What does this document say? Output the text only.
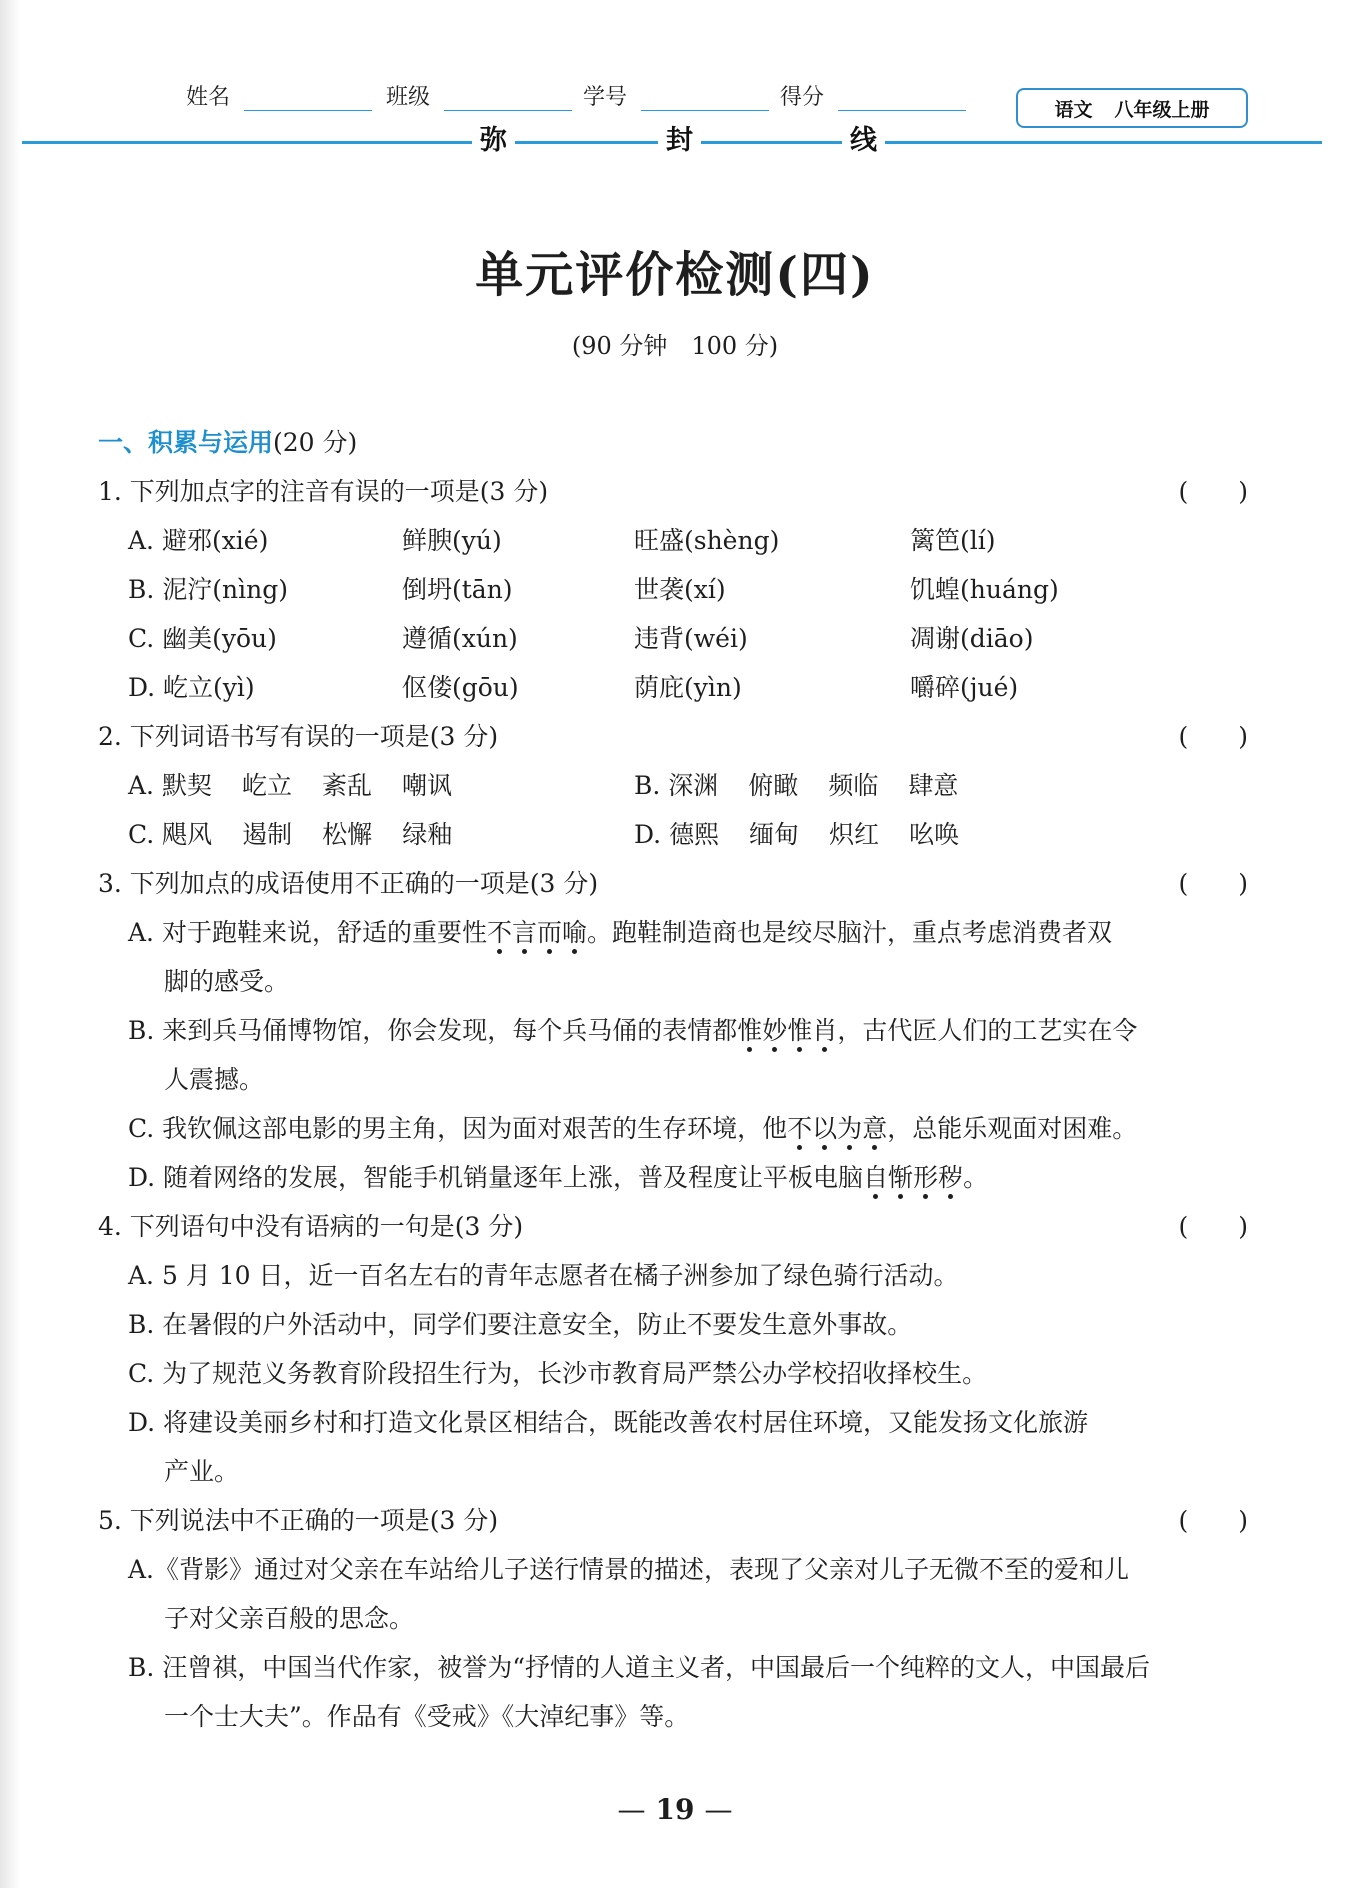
姓名	班级	学号	得分	语文 八年级上册
弥	封	线
单元评价检测(四)
(90 分钟　100 分)
一、积累与运用(20 分)
1. 下列加点字的注音有误的一项是(3 分)	(　　)
A. 避邪(xié)	鲜腴(yú)	旺盛(shèng)	篱笆(lí)
B. 泥泞(nìng)	倒坍(tān)	世袭(xí)	饥蝗(huáng)
C. 幽美(yōu)	遵循(xún)	违背(wéi)	凋谢(diāo)
D. 屹立(yì)	伛偻(gōu)	荫庇(yìn)	嚼碎(jué)
2. 下列词语书写有误的一项是(3 分)	(　　)
A. 默契 屹立 紊乱 嘲讽	B. 深渊 俯瞰 频临 肆意
C. 飓风 遏制 松懈 绿釉	D. 德熙 缅甸 炽红 吆唤
3. 下列加点的成语使用不正确的一项是(3 分)	(　　)
A. 对于跑鞋来说，舒适的重要性不言而喻。跑鞋制造商也是绞尽脑汁，重点考虑消费者双
脚的感受。
B. 来到兵马俑博物馆，你会发现，每个兵马俑的表情都惟妙惟肖，古代匠人们的工艺实在令
人震撼。
C. 我钦佩这部电影的男主角，因为面对艰苦的生存环境，他不以为意，总能乐观面对困难。
D. 随着网络的发展，智能手机销量逐年上涨，普及程度让平板电脑自惭形秽。
4. 下列语句中没有语病的一句是(3 分)	(　　)
A. 5 月 10 日，近一百名左右的青年志愿者在橘子洲参加了绿色骑行活动。
B. 在暑假的户外活动中，同学们要注意安全，防止不要发生意外事故。
C. 为了规范义务教育阶段招生行为，长沙市教育局严禁公办学校招收择校生。
D. 将建设美丽乡村和打造文化景区相结合，既能改善农村居住环境，又能发扬文化旅游
产业。
5. 下列说法中不正确的一项是(3 分)	(　　)
A.《背影》通过对父亲在车站给儿子送行情景的描述，表现了父亲对儿子无微不至的爱和儿
子对父亲百般的思念。
B. 汪曾祺，中国当代作家，被誉为“抒情的人道主义者，中国最后一个纯粹的文人，中国最后
一个士大夫”。作品有《受戒》《大淖纪事》等。
— 19 —
